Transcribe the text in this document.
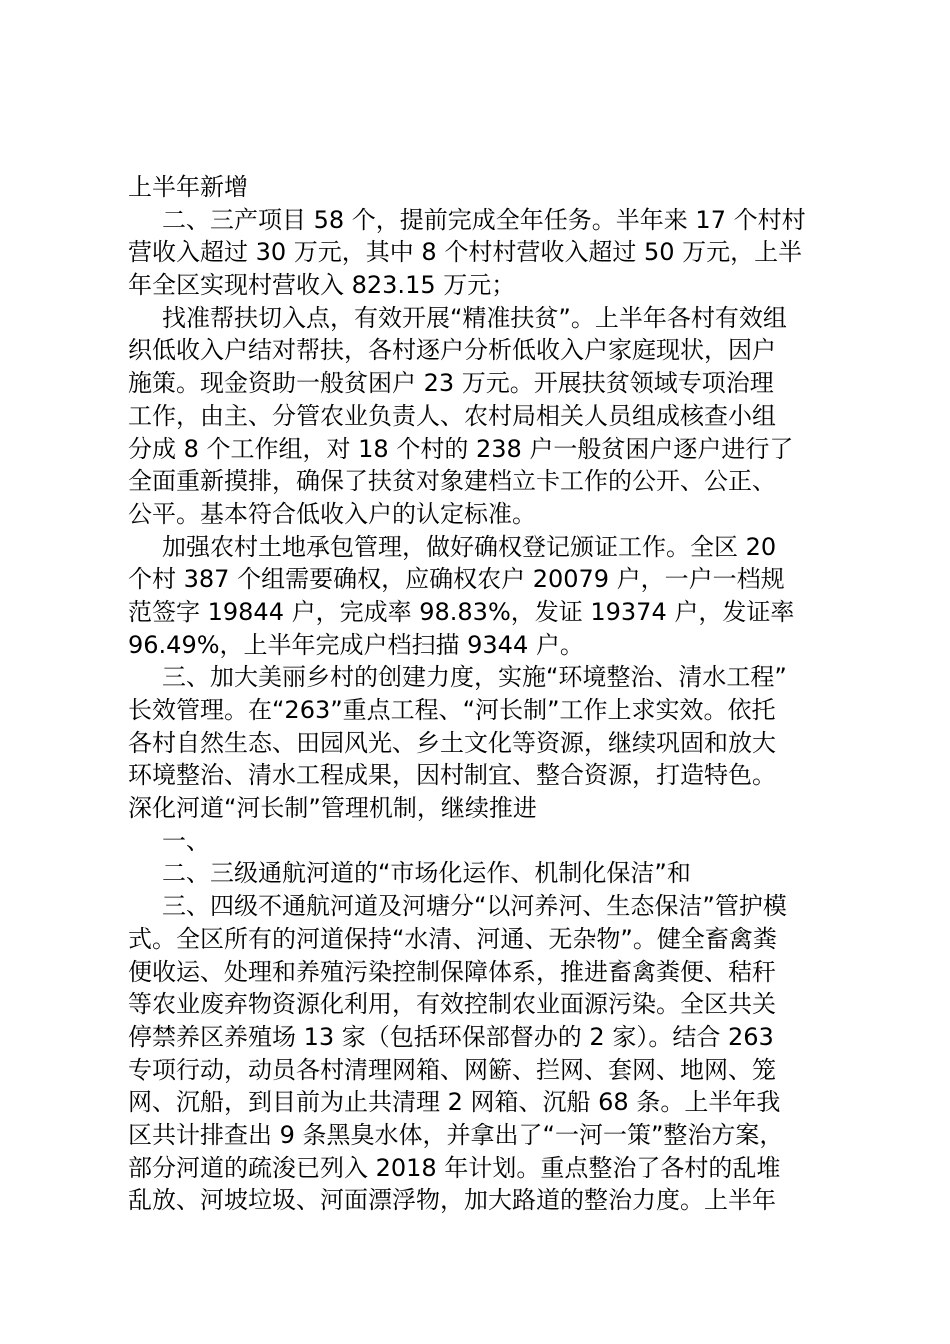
上半年新增
二、三产项目 58 个，提前完成全年任务。半年来 17 个村村
营收入超过 30 万元，其中 8 个村村营收入超过 50 万元，上半
年全区实现村营收入 823.15 万元；
找准帮扶切入点，有效开展“精准扶贫”。上半年各村有效组
织低收入户结对帮扶，各村逐户分析低收入户家庭现状，因户
施策。现金资助一般贫困户 23 万元。开展扶贫领域专项治理
工作，由主、分管农业负责人、农村局相关人员组成核查小组
分成 8 个工作组，对 18 个村的 238 户一般贫困户逐户进行了
全面重新摸排，确保了扶贫对象建档立卡工作的公开、公正、
公平。基本符合低收入户的认定标准。
加强农村土地承包管理，做好确权登记颁证工作。全区 20
个村 387 个组需要确权，应确权农户 20079 户，一户一档规
范签字 19844 户，完成率 98.83%，发证 19374 户，发证率
96.49%，上半年完成户档扫描 9344 户。
三、加大美丽乡村的创建力度，实施“环境整治、清水工程”
长效管理。在“263”重点工程、“河长制”工作上求实效。依托
各村自然生态、田园风光、乡土文化等资源，继续巩固和放大
环境整治、清水工程成果，因村制宜、整合资源，打造特色。
深化河道“河长制”管理机制，继续推进
一、
二、三级通航河道的“市场化运作、机制化保洁”和
三、四级不通航河道及河塘分“以河养河、生态保洁”管护模
式。全区所有的河道保持“水清、河通、无杂物”。健全畜禽粪
便收运、处理和养殖污染控制保障体系，推进畜禽粪便、秸秆
等农业废弃物资源化利用，有效控制农业面源污染。全区共关
停禁养区养殖场 13 家（包括环保部督办的 2 家）。结合 263
专项行动，动员各村清理网箱、网簖、拦网、套网、地网、笼
网、沉船，到目前为止共清理 2 网箱、沉船 68 条。上半年我
区共计排查出 9 条黑臭水体，并拿出了“一河一策”整治方案，
部分河道的疏浚已列入 2018 年计划。重点整治了各村的乱堆
乱放、河坡垃圾、河面漂浮物，加大路道的整治力度。上半年
